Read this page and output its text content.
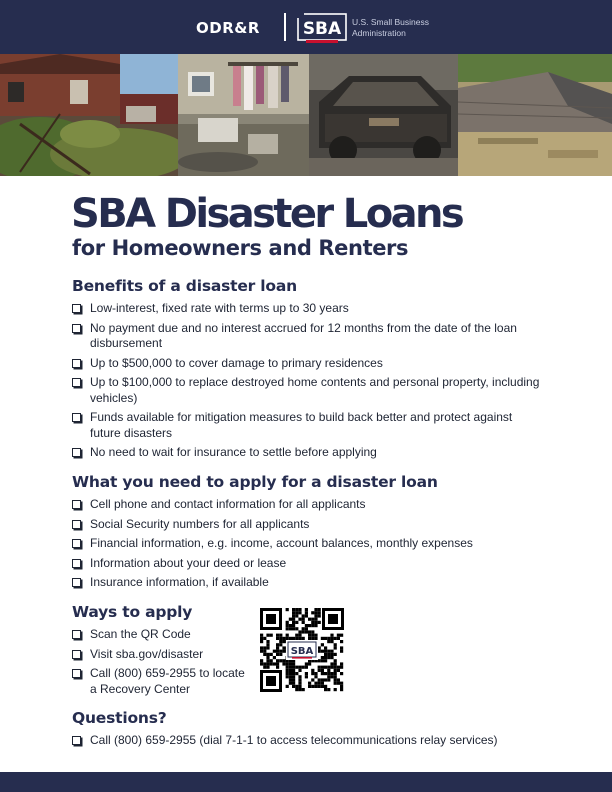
ODR&R	SBA U.S. Small Business
Administration
SBA Disaster Loans
for Homeowners and Renters
Benefits of a disaster loan
Low-interest, fixed rate with terms up to 30 years
No payment due and no interest accrued for 12 months from the date of the loan disbursement
Up to $500,000 to cover damage to primary residences
Up to $100,000 to replace destroyed home contents and personal property, including vehicles)
Funds available for mitigation measures to build back better and protect against future disasters
No need to wait for insurance to settle before applying
What you need to apply for a disaster loan
Cell phone and contact information for all applicants
Social Security numbers for all applicants
Financial information, e.g. income, account balances, monthly expenses
Information about your deed or lease
Insurance information, if available
Ways to apply
Scan the QR Code
Visit sba.gov/disaster
Call (800) 659-2955 to locate a Recovery Center
SBA
Questions?
Call (800) 659-2955 (dial 7-1-1 to access telecommunications relay services)
